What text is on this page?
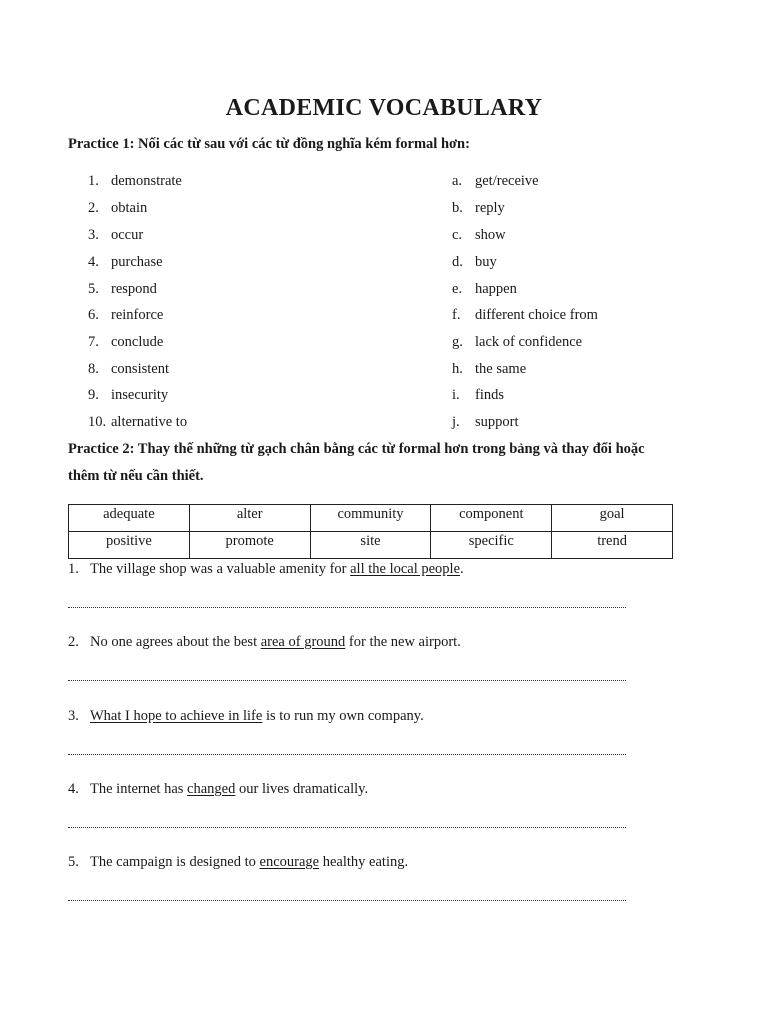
ACADEMIC VOCABULARY
Practice 1: Nối các từ sau với các từ đồng nghĩa kém formal hơn:
1. demonstrate
2. obtain
3. occur
4. purchase
5. respond
6. reinforce
7. conclude
8. consistent
9. insecurity
10. alternative to
a. get/receive
b. reply
c. show
d. buy
e. happen
f. different choice from
g. lack of confidence
h. the same
i. finds
j. support
Practice 2: Thay thế những từ gạch chân bằng các từ formal hơn trong bảng và thay đổi hoặc
thêm từ nếu cần thiết.
adequate	alter	community	component	goal
positive	promote	site	specific	trend
1. The village shop was a valuable amenity for all the local people.
2. No one agrees about the best area of ground for the new airport.
3. What I hope to achieve in life is to run my own company.
4. The internet has changed our lives dramatically.
5. The campaign is designed to encourage healthy eating.
